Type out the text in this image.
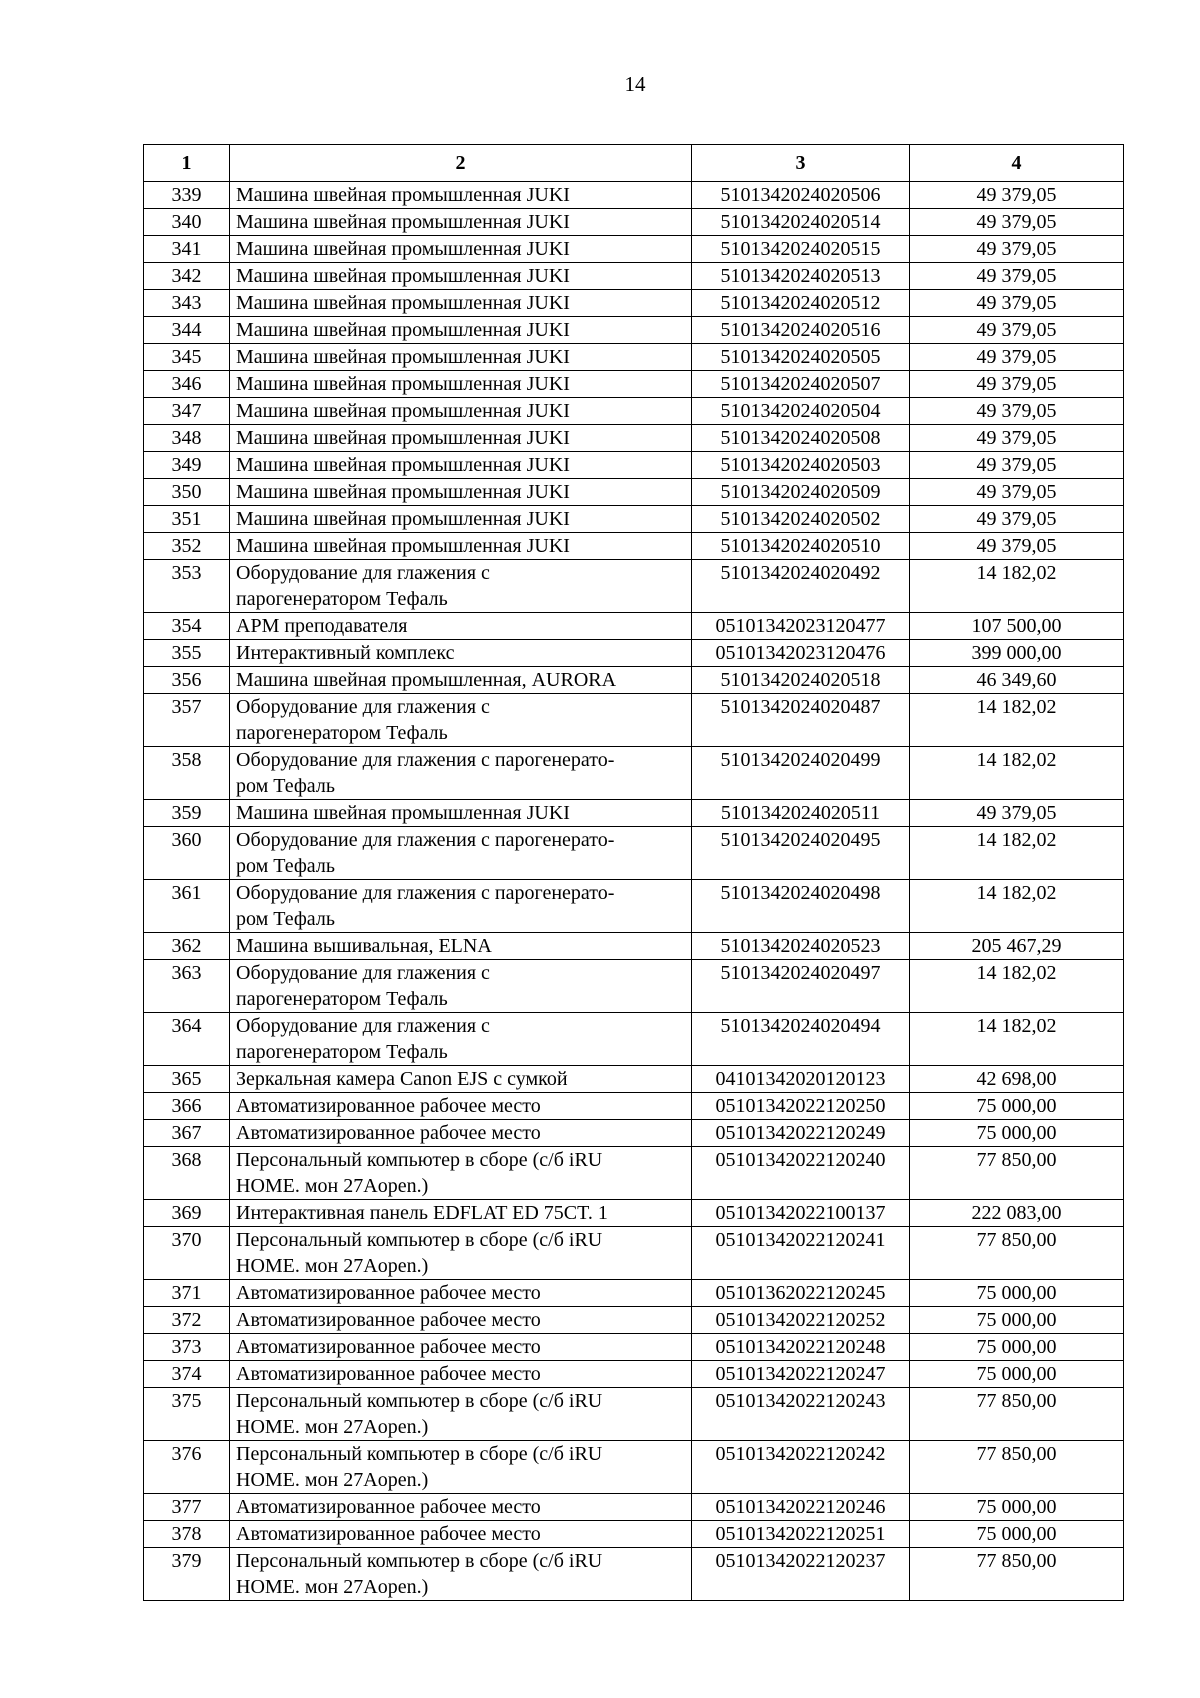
14
1	2	3	4
339	Машина швейная промышленная JUKI	5101342024020506	49 379,05
340	Машина швейная промышленная JUKI	5101342024020514	49 379,05
341	Машина швейная промышленная JUKI	5101342024020515	49 379,05
342	Машина швейная промышленная JUKI	5101342024020513	49 379,05
343	Машина швейная промышленная JUKI	5101342024020512	49 379,05
344	Машина швейная промышленная JUKI	5101342024020516	49 379,05
345	Машина швейная промышленная JUKI	5101342024020505	49 379,05
346	Машина швейная промышленная JUKI	5101342024020507	49 379,05
347	Машина швейная промышленная JUKI	5101342024020504	49 379,05
348	Машина швейная промышленная JUKI	5101342024020508	49 379,05
349	Машина швейная промышленная JUKI	5101342024020503	49 379,05
350	Машина швейная промышленная JUKI	5101342024020509	49 379,05
351	Машина швейная промышленная JUKI	5101342024020502	49 379,05
352	Машина швейная промышленная JUKI	5101342024020510	49 379,05
353	Оборудование для глажения с
парогенератором Тефаль	5101342024020492	14 182,02
354	АРМ преподавателя	05101342023120477	107 500,00
355	Интерактивный комплекс	05101342023120476	399 000,00
356	Машина швейная промышленная, AURORA	5101342024020518	46 349,60
357	Оборудование для глажения с
парогенератором Тефаль	5101342024020487	14 182,02
358	Оборудование для глажения с парогенерато-
ром Тефаль	5101342024020499	14 182,02
359	Машина швейная промышленная JUKI	5101342024020511	49 379,05
360	Оборудование для глажения с парогенерато-
ром Тефаль	5101342024020495	14 182,02
361	Оборудование для глажения с парогенерато-
ром Тефаль	5101342024020498	14 182,02
362	Машина вышивальная, ELNA	5101342024020523	205 467,29
363	Оборудование для глажения с
парогенератором Тефаль	5101342024020497	14 182,02
364	Оборудование для глажения с
парогенератором Тефаль	5101342024020494	14 182,02
365	Зеркальная камера Canon EJS с сумкой	04101342020120123	42 698,00
366	Автоматизированное рабочее место	05101342022120250	75 000,00
367	Автоматизированное рабочее место	05101342022120249	75 000,00
368	Персональный компьютер в сборе (с/б iRU
HOME. мон 27Aopen.)	05101342022120240	77 850,00
369	Интерактивная панель EDFLAT ED 75CT. 1	05101342022100137	222 083,00
370	Персональный компьютер в сборе (с/б iRU
HOME. мон 27Aopen.)	05101342022120241	77 850,00
371	Автоматизированное рабочее место	05101362022120245	75 000,00
372	Автоматизированное рабочее место	05101342022120252	75 000,00
373	Автоматизированное рабочее место	05101342022120248	75 000,00
374	Автоматизированное рабочее место	05101342022120247	75 000,00
375	Персональный компьютер в сборе (с/б iRU
HOME. мон 27Aopen.)	05101342022120243	77 850,00
376	Персональный компьютер в сборе (с/б iRU
HOME. мон 27Aopen.)	05101342022120242	77 850,00
377	Автоматизированное рабочее место	05101342022120246	75 000,00
378	Автоматизированное рабочее место	05101342022120251	75 000,00
379	Персональный компьютер в сборе (с/б iRU
HOME. мон 27Aopen.)	05101342022120237	77 850,00
